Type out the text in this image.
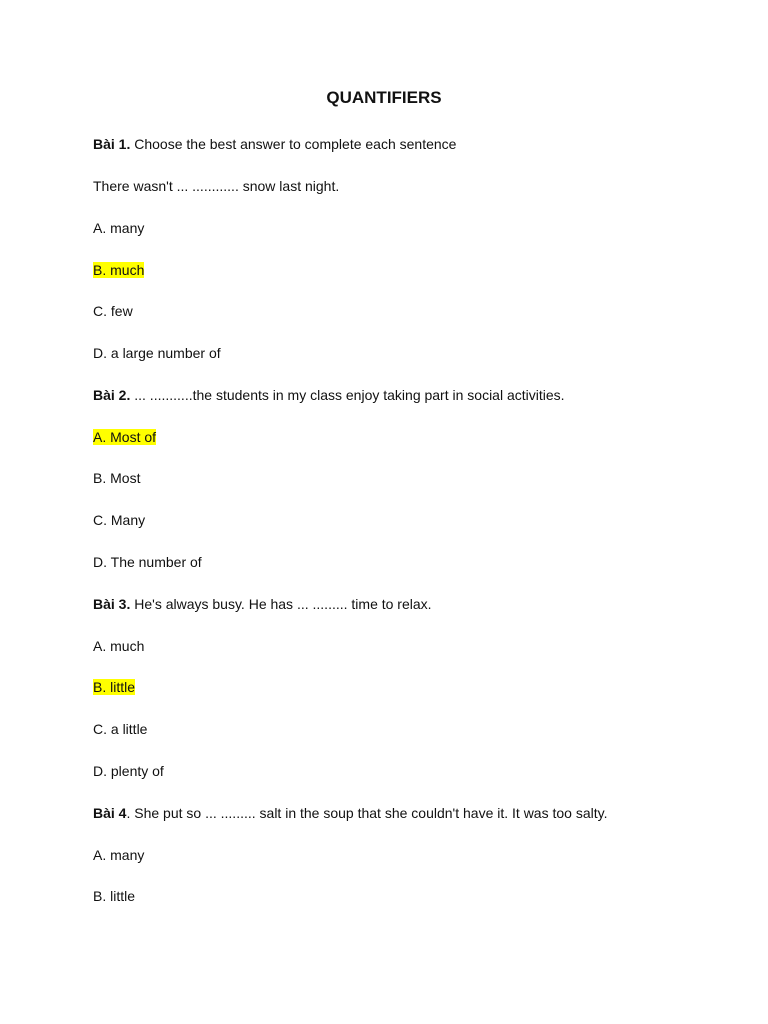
QUANTIFIERS
Bài 1. Choose the best answer to complete each sentence
There wasn't ... ............ snow last night.
A. many
B. much
C. few
D. a large number of
Bài 2. ... ...........the students in my class enjoy taking part in social activities.
A. Most of
B. Most
C. Many
D. The number of
Bài 3. He's always busy. He has ... ......... time to relax.
A. much
B. little
C. a little
D. plenty of
Bài 4. She put so ... ......... salt in the soup that she couldn't have it. It was too salty.
A. many
B. little
